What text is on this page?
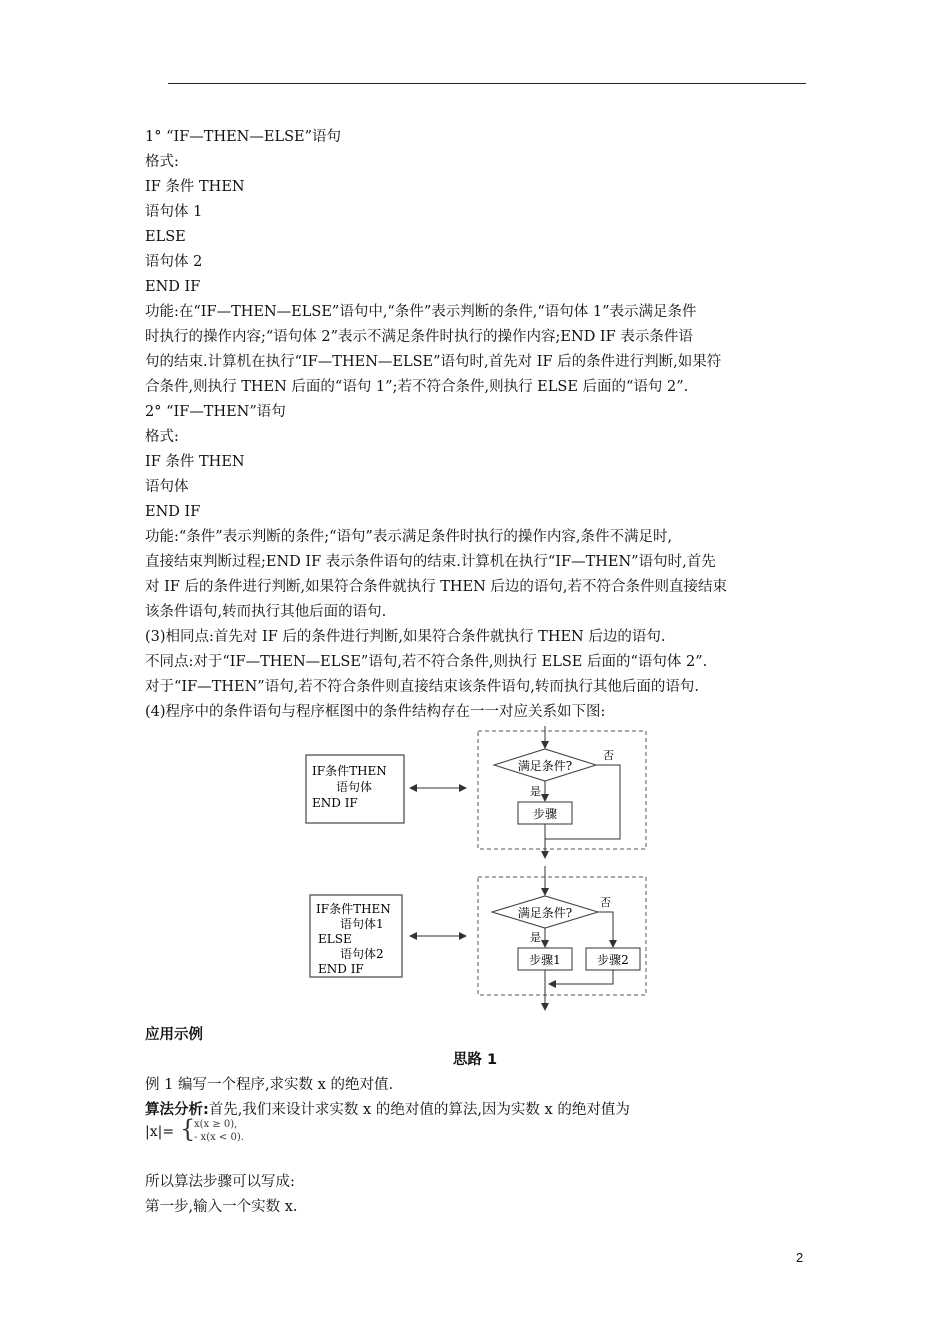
1° “IF—THEN—ELSE”语句
格式:
IF 条件 THEN
语句体 1
ELSE
语句体 2
END IF
功能:在“IF—THEN—ELSE”语句中,“条件”表示判断的条件,“语句体 1”表示满足条件
时执行的操作内容;“语句体 2”表示不满足条件时执行的操作内容;END IF 表示条件语
句的结束.计算机在执行“IF—THEN—ELSE”语句时,首先对 IF 后的条件进行判断,如果符
合条件,则执行 THEN 后面的“语句 1”;若不符合条件,则执行 ELSE 后面的“语句 2”.
2° “IF—THEN”语句
格式:
IF 条件 THEN
语句体
END IF
功能:“条件”表示判断的条件;“语句”表示满足条件时执行的操作内容,条件不满足时,
直接结束判断过程;END IF 表示条件语句的结束.计算机在执行“IF—THEN”语句时,首先
对 IF 后的条件进行判断,如果符合条件就执行 THEN 后边的语句,若不符合条件则直接结束
该条件语句,转而执行其他后面的语句.
(3)相同点:首先对 IF 后的条件进行判断,如果符合条件就执行 THEN 后边的语句.
不同点:对于“IF—THEN—ELSE”语句,若不符合条件,则执行 ELSE 后面的“语句体 2”.
对于“IF—THEN”语句,若不符合条件则直接结束该条件语句,转而执行其他后面的语句.
(4)程序中的条件语句与程序框图中的条件结构存在一一对应关系如下图:
IF条件THEN
语句体
END IF
满足条件?
否
是
步骤
IF条件THEN
语句体1
ELSE
语句体2
END IF
满足条件?
否
是
步骤1	步骤2
应用示例
思路 1
例 1 编写一个程序,求实数 x 的绝对值.
算法分析:首先,我们来设计求实数 x 的绝对值的算法,因为实数 x 的绝对值为
|x|= {
x(x ≥ 0),
- x(x < 0).
所以算法步骤可以写成:
第一步,输入一个实数 x.
2
